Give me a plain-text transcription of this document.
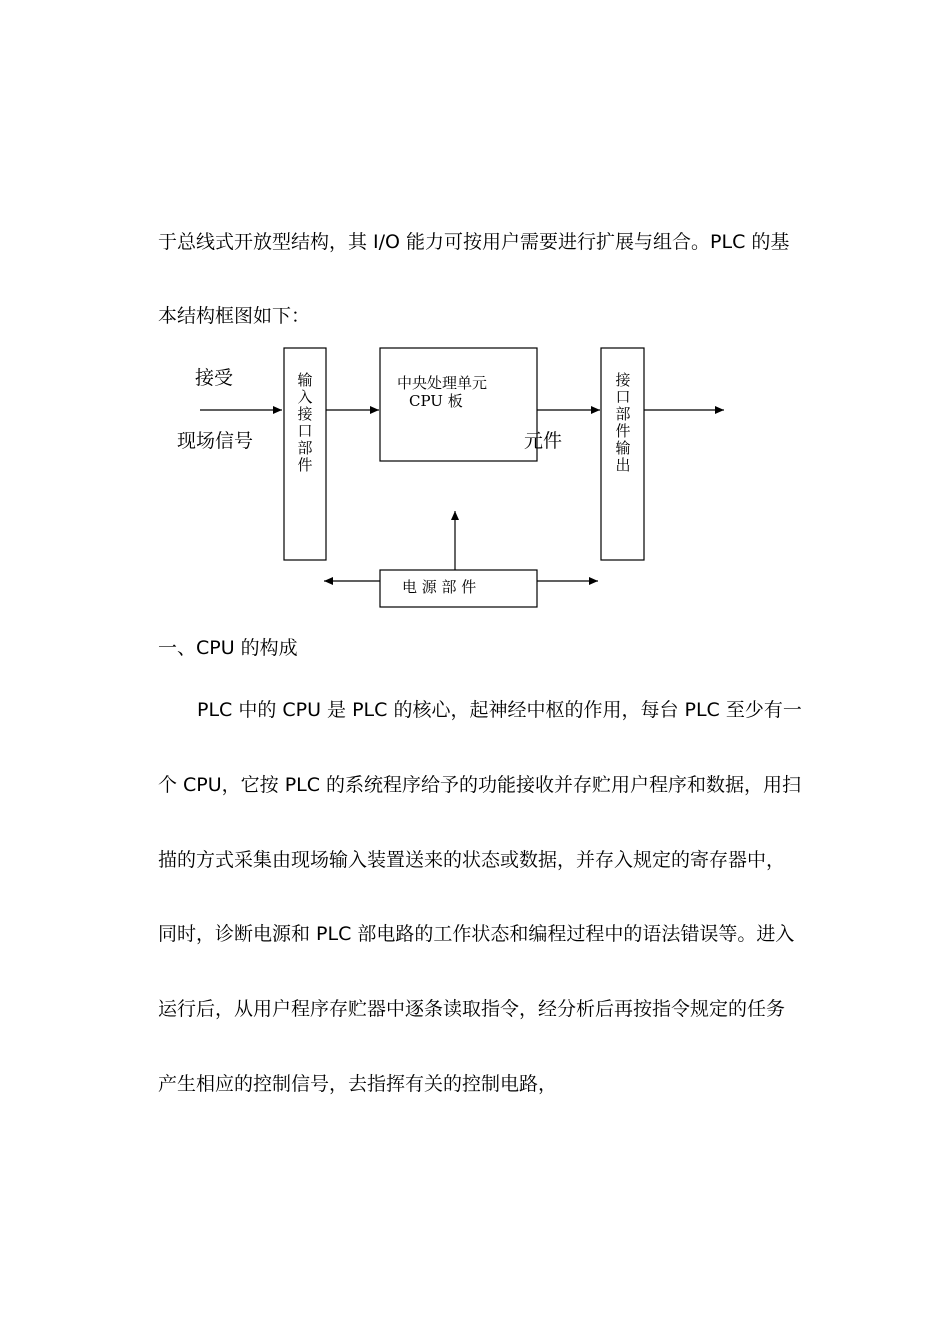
于总线式开放型结构，其 I/O 能力可按用户需要进行扩展与组合。PLC 的基
本结构框图如下：
接受
现场信号
输入接口部件
中央处理单元
CPU 板
元件
接口部件输出
电 源 部 件
一、CPU 的构成
PLC 中的 CPU 是 PLC 的核心，起神经中枢的作用，每台 PLC 至少有一
个 CPU，它按 PLC 的系统程序给予的功能接收并存贮用户程序和数据，用扫
描的方式采集由现场输入装置送来的状态或数据，并存入规定的寄存器中，
同时，诊断电源和 PLC 部电路的工作状态和编程过程中的语法错误等。进入
运行后，从用户程序存贮器中逐条读取指令，经分析后再按指令规定的任务
产生相应的控制信号，去指挥有关的控制电路，
